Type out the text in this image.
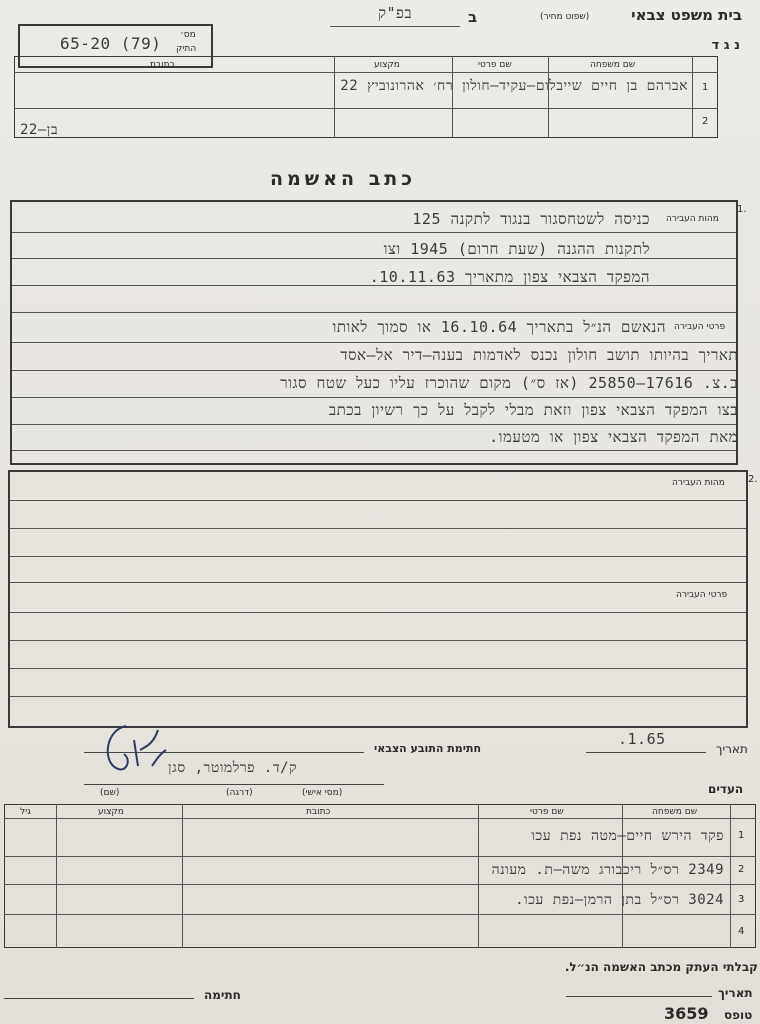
בית משפט צבאי
(שפוט מחיר)
ב
בפ"ק
נ ג ד
מס׳
התיק
65-20 (79)
שם משפחה
שם פרטי
מקצוע
כתובת
1
2
אברהם בן חיים שייבלום–עקיד–חולון רח׳ אהרונוביץ 22
בן–22
כתב האשמה
1.
מהות העבירה
כניסה לשטחסגור בנגוד לתקנה 125
לתקנות ההגנה (שעת חרום) 1945 וצו
המפקד הצבאי צפון מתאריך 10.11.63.
פרטי העבירה
הנאשם הנ״ל בתאריך 16.10.64 או סמוך לאותו
תאריך בהיותו תושב חולון נכנס לאדמות בענה–דיר אל–אסד
ב.צ. 17616–25850 (אז ס״) מקום שהוכרז עליו כעל שטח סגור
בצו המפקד הצבאי צפון וזאת מבלי לקבל על כך רשיון בכתב
מאת המפקד הצבאי צפון או מטעמו.
2.
מהות העבירה
פרטי העבירה
תאריך
.1.65
חתימת התובע הצבאי
ק/ד. פרלמוטר, סגן
(מסי אישי)
(דרגה)
(שם)	העדים
שם משפחה
שם פרטי
כתובת
מקצוע
גיל
1
2
3
4
פקד הירש חיים–מטה נפת עכו
2349 רס״ל ריכבורג משה–ת. מעונה
3024 רס״ל בתן הרמן–נפת עכו.
קבלתי העתק מכתב האשמה הנ״ל.
תאריך
חתימה
טופס
3659
